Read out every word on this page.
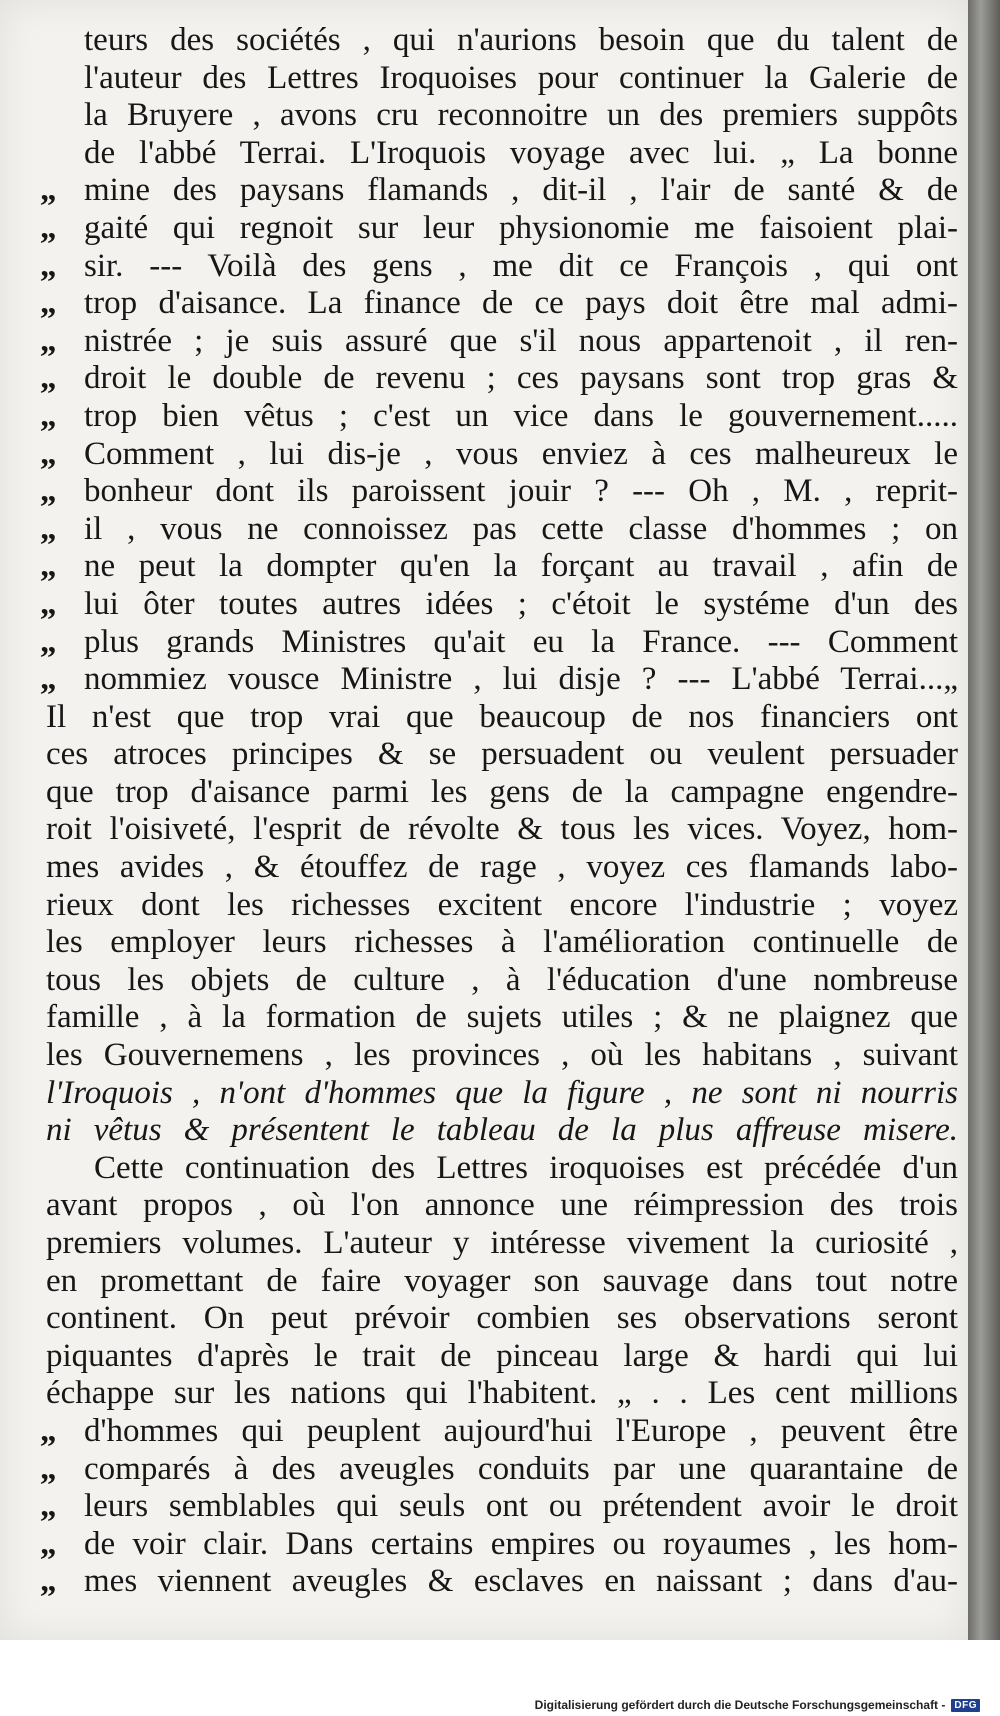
teurs des sociétés , qui n'aurions besoin que du talent de
l'auteur des Lettres Iroquoises pour continuer la Galerie de
la Bruyere , avons cru reconnoitre un des premiers suppôts
de l'abbé Terrai. L'Iroquois voyage avec lui. „ La bonne
„ mine des paysans flamands , dit-il , l'air de santé & de
„ gaité qui regnoit sur leur physionomie me faisoient plai-
„ sir. --- Voilà des gens , me dit ce François , qui ont
„ trop d'aisance. La finance de ce pays doit être mal admi-
„ nistrée ; je suis assuré que s'il nous appartenoit , il ren-
„ droit le double de revenu ; ces paysans sont trop gras &
„ trop bien vêtus ; c'est un vice dans le gouvernement.....
„ Comment , lui dis-je , vous enviez à ces malheureux le
„ bonheur dont ils paroissent jouir ? --- Oh , M. , reprit-
„ il , vous ne connoissez pas cette classe d'hommes ; on
„ ne peut la dompter qu'en la forçant au travail , afin de
„ lui ôter toutes autres idées ; c'étoit le systéme d'un des
„ plus grands Ministres qu'ait eu la France. --- Comment
„ nommiez vousce Ministre , lui disje ? --- L'abbé Terrai...„
Il n'est que trop vrai que beaucoup de nos financiers ont
ces atroces principes & se persuadent ou veulent persuader
que trop d'aisance parmi les gens de la campagne engendre-
roit l'oisiveté, l'esprit de révolte & tous les vices. Voyez, hom-
mes avides , & étouffez de rage , voyez ces flamands labo-
rieux dont les richesses excitent encore l'industrie ; voyez
les employer leurs richesses à l'amélioration continuelle de
tous les objets de culture , à l'éducation d'une nombreuse
famille , à la formation de sujets utiles ; & ne plaignez que
les Gouvernemens , les provinces , où les habitans , suivant
l'Iroquois , n'ont d'hommes que la figure , ne sont ni nourris
ni vêtus & présentent le tableau de la plus affreuse misere.
Cette continuation des Lettres iroquoises est précédée d'un
avant propos , où l'on annonce une réimpression des trois
premiers volumes. L'auteur y intéresse vivement la curiosité ,
en promettant de faire voyager son sauvage dans tout notre
continent. On peut prévoir combien ses observations seront
piquantes d'après le trait de pinceau large & hardi qui lui
échappe sur les nations qui l'habitent. „ . . Les cent millions
„ d'hommes qui peuplent aujourd'hui l'Europe , peuvent être
„ comparés à des aveugles conduits par une quarantaine de
„ leurs semblables qui seuls ont ou prétendent avoir le droit
„ de voir clair. Dans certains empires ou royaumes , les hom-
„ mes viennent aveugles & esclaves en naissant ; dans d'au-
Digitalisierung gefördert durch die Deutsche Forschungsgemeinschaft - DFG
